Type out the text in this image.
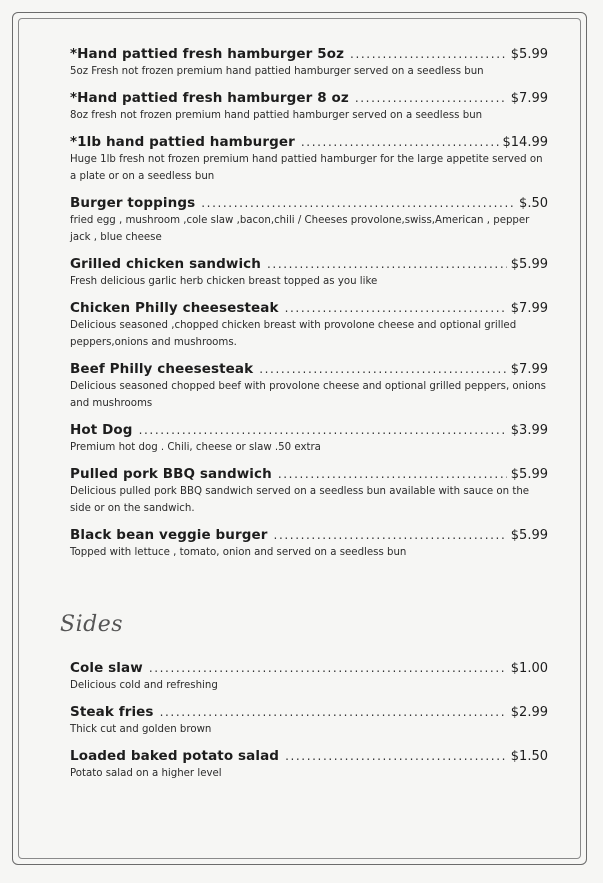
*Hand pattied fresh hamburger 5oz .....	$5.99
5oz Fresh not frozen premium hand pattied hamburger served on a seedless bun
*Hand pattied fresh hamburger 8 oz .....	$7.99
8oz fresh not frozen premium hand pattied hamburger served on a seedless bun
*1lb hand pattied hamburger .....	$14.99
Huge 1lb fresh not frozen premium hand pattied hamburger for the large appetite served on a plate or on a seedless bun
Burger toppings .....	$.50
fried egg , mushroom ,cole slaw ,bacon,chili / Cheeses provolone,swiss,American , pepper jack , blue cheese
Grilled chicken sandwich .....	$5.99
Fresh delicious garlic herb chicken breast topped as you like
Chicken Philly cheesesteak .....	$7.99
Delicious seasoned ,chopped chicken breast with provolone cheese and optional grilled peppers,onions and mushrooms.
Beef Philly cheesesteak .....	$7.99
Delicious seasoned chopped beef with provolone cheese and optional grilled peppers, onions and mushrooms
Hot Dog .....	$3.99
Premium hot dog . Chili, cheese or slaw .50 extra
Pulled pork BBQ sandwich .....	$5.99
Delicious pulled pork BBQ sandwich served on a seedless bun available with sauce on the side or on the sandwich.
Black bean veggie burger .....	$5.99
Topped with lettuce , tomato, onion and served on a seedless bun
Sides
Cole slaw .....	$1.00
Delicious cold and refreshing
Steak fries .....	$2.99
Thick cut and golden brown
Loaded baked potato salad .....	$1.50
Potato salad on a higher level
